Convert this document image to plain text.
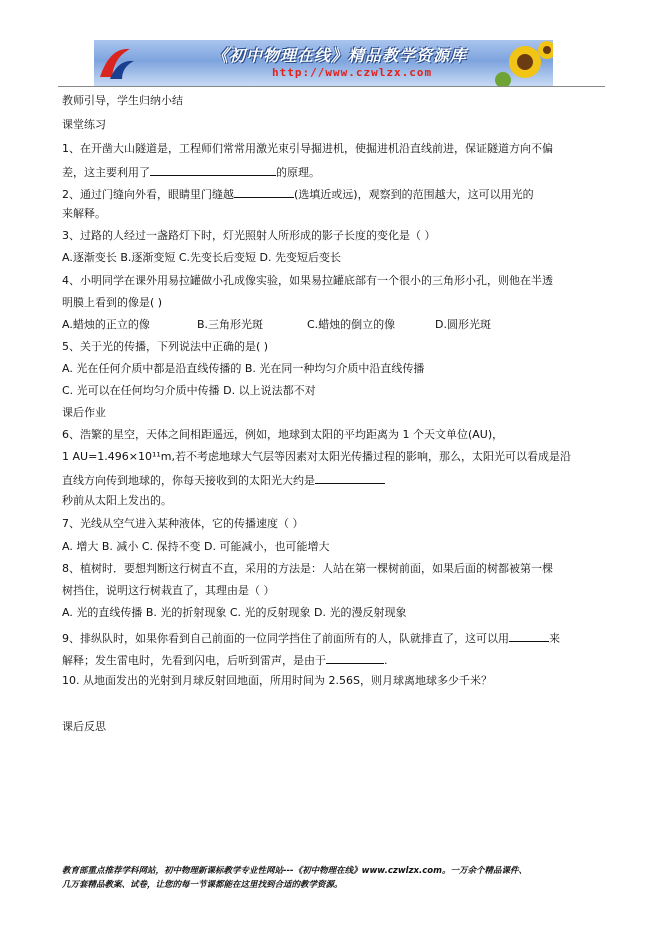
《初中物理在线》精品教学资源库
http://www.czwlzx.com
教师引导，学生归纳小结
课堂练习
1、在开凿大山隧道是，工程师们常常用激光束引导掘进机，使掘进机沿直线前进，保证隧道方向不偏
差，这主要利用了	的原理。
2、通过门缝向外看，眼睛里门缝越	(选填近或远)，观察到的范围越大，这可以用光的
来解释。
3、过路的人经过一盏路灯下时，灯光照射人所形成的影子长度的变化是（ ）
A.逐渐变长 B.逐渐变短 C.先变长后变短 D. 先变短后变长
4、小明同学在课外用易拉罐做小孔成像实验，如果易拉罐底部有一个很小的三角形小孔，则他在半透
明膜上看到的像是( )
A.蜡烛的正立的像	B.三角形光斑	C.蜡烛的倒立的像	D.圆形光斑
5、关于光的传播，下列说法中正确的是( )
A. 光在任何介质中都是沿直线传播的 B. 光在同一种均匀介质中沿直线传播
C. 光可以在任何均匀介质中传播 D. 以上说法都不对
课后作业
6、浩繁的星空，天体之间相距遥远，例如，地球到太阳的平均距离为 1 个天文单位(AU)，
1 AU=1.496×10¹¹m,若不考虑地球大气层等因素对太阳光传播过程的影响，那么，太阳光可以看成是沿
直线方向传到地球的，你每天接收到的太阳光大约是
秒前从太阳上发出的。
7、光线从空气进入某种液体，它的传播速度（ ）
A. 增大 B. 减小 C. 保持不变 D. 可能减小，也可能增大
8、植树时．要想判断这行树直不直，采用的方法是：人站在第一棵树前面，如果后面的树都被第一棵
树挡住，说明这行树栽直了，其理由是（ ）
A. 光的直线传播 B. 光的折射现象 C. 光的反射现象 D. 光的漫反射现象
9、排纵队时，如果你看到自己前面的一位同学挡住了前面所有的人，队就排直了，这可以用	来
解释；发生雷电时，先看到闪电，后听到雷声，是由于	.
10. 从地面发出的光射到月球反射回地面，所用时间为 2.56S，则月球离地球多少千米？
课后反思
教育部重点推荐学科网站，初中物理新课标教学专业性网站---《初中物理在线》www.czwlzx.com。一万余个精品课件、
几万套精品教案、试卷，让您的每一节课都能在这里找到合适的教学资源。
